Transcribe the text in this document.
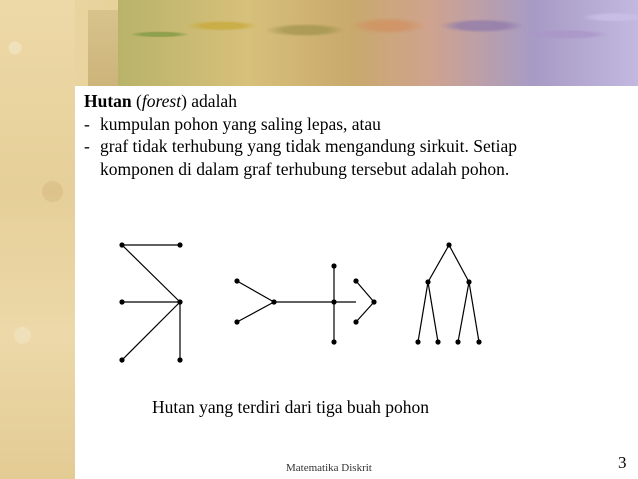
Hutan (forest) adalah

- kumpulan pohon yang saling lepas, atau

- graf tidak terhubung yang tidak mengandung sirkuit. Setiap

komponen di dalam graf terhubung tersebut adalah pohon.

Hutan yang terdiri dari tiga buah pohon
Matematika Diskrit	3
